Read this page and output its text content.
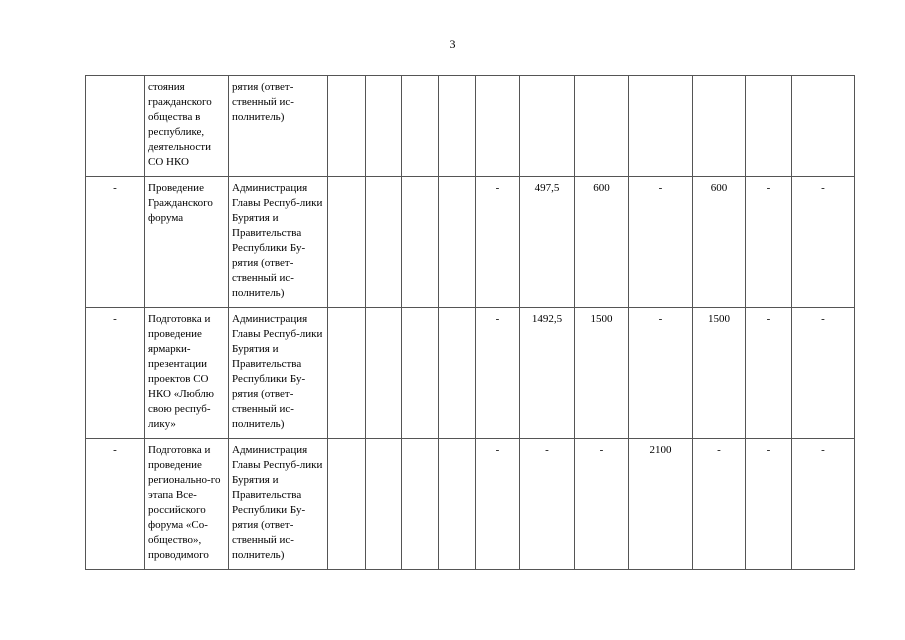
3
	стояния гражданского общества в республике, деятельности СО НКО	рятия (ответ-ственный ис-полнитель)											
-	Проведение Гражданского форума	Администрация Главы Респуб-лики Бурятия и Правительства Республики Бу-рятия (ответ-ственный ис-полнитель)					-	497,5	600	-	600	-	-
-	Подготовка и проведение ярмарки-презентации проектов СО НКО «Люблю свою респуб-лику»	Администрация Главы Респуб-лики Бурятия и Правительства Республики Бу-рятия (ответ-ственный ис-полнитель)					-	1492,5	1500	-	1500	-	-
-	Подготовка и проведение регионально-го этапа Все-российского форума «Со-общество», проводимого	Администрация Главы Респуб-лики Бурятия и Правительства Республики Бу-рятия (ответ-ственный ис-полнитель)					-	-	-	2100	-	-	-
